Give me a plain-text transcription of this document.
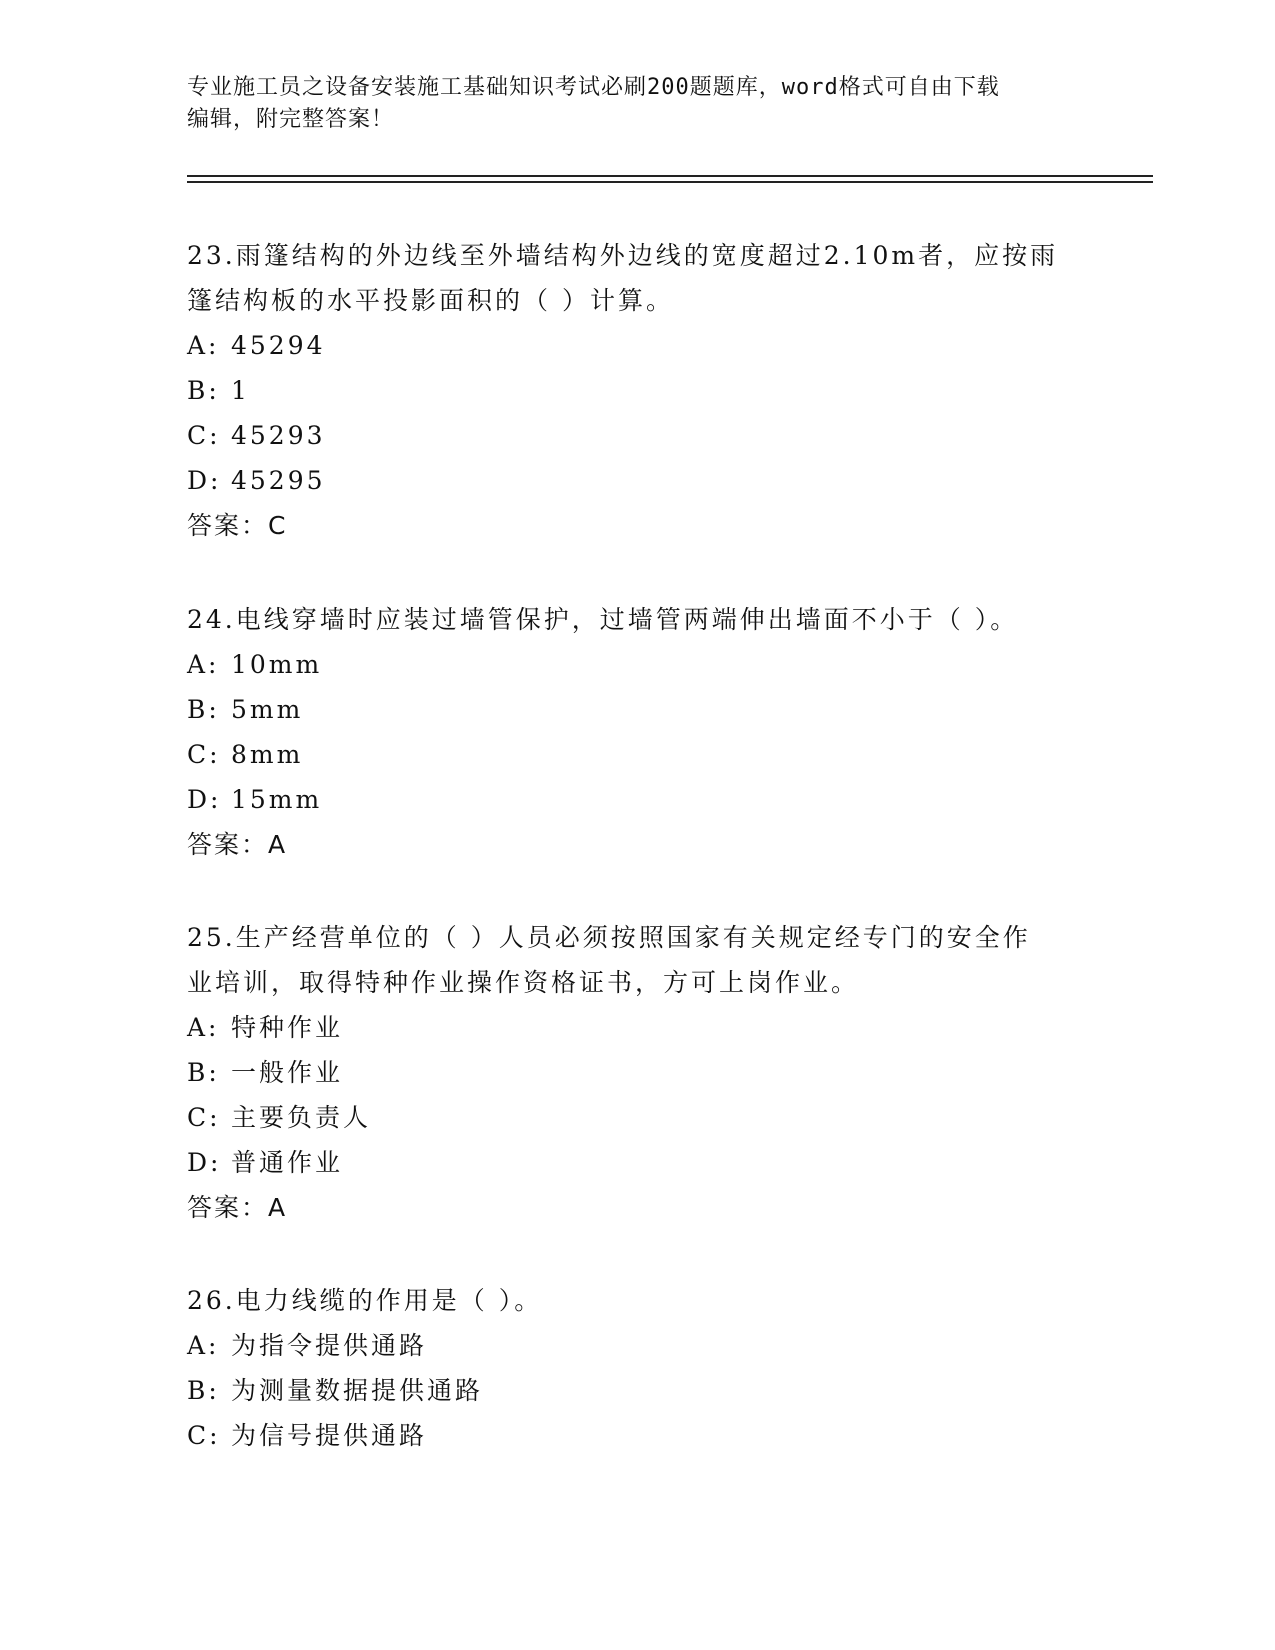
专业施工员之设备安装施工基础知识考试必刷200题题库，word格式可自由下载
编辑，附完整答案！
23.雨篷结构的外边线至外墙结构外边线的宽度超过2.10m者，应按雨
篷结构板的水平投影面积的（ ）计算。
A: 45294
B: 1
C: 45293
D: 45295
答案：C
24.电线穿墙时应装过墙管保护，过墙管两端伸出墙面不小于（ ）。
A: 10mm
B: 5mm
C: 8mm
D: 15mm
答案：A
25.生产经营单位的（ ）人员必须按照国家有关规定经专门的安全作
业培训，取得特种作业操作资格证书，方可上岗作业。
A: 特种作业
B: 一般作业
C: 主要负责人
D: 普通作业
答案：A
26.电力线缆的作用是（ ）。
A: 为指令提供通路
B: 为测量数据提供通路
C: 为信号提供通路
